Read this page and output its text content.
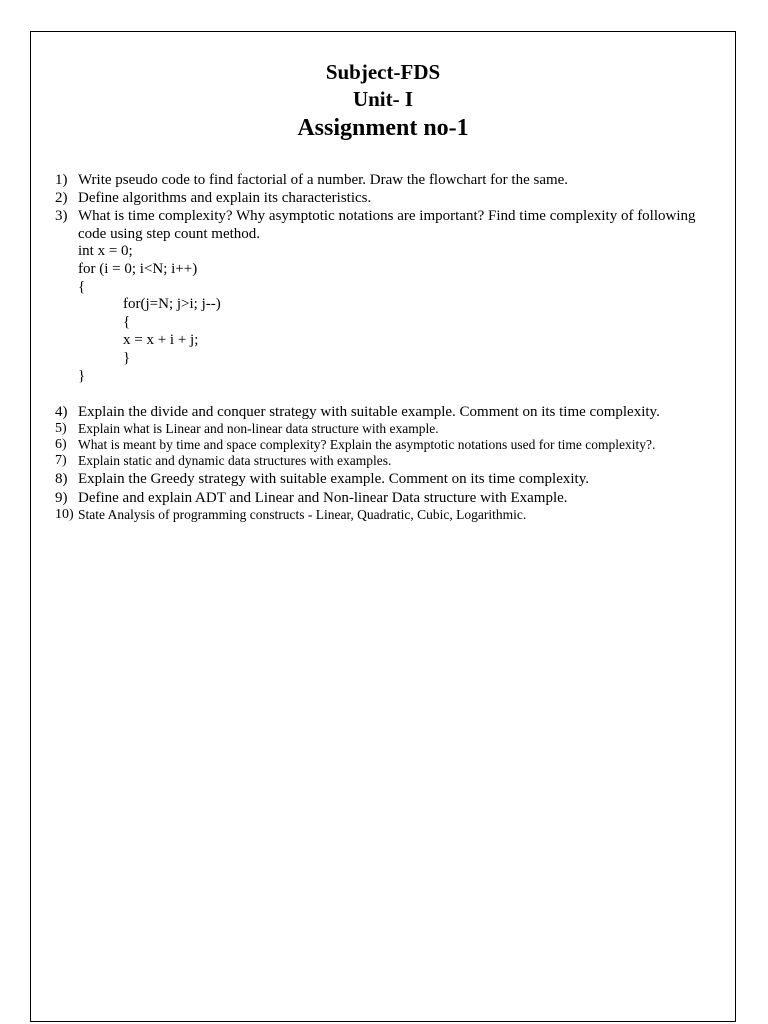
Subject-FDS
Unit- I
Assignment no-1
1) Write pseudo code to find factorial of a number. Draw the flowchart for the same.
2) Define algorithms and explain its characteristics.
3) What is time complexity? Why asymptotic notations are important? Find time complexity of following code using step count method.
int x = 0;
for (i = 0; i<N; i++)
{
for(j=N; j>i; j--)
{
x = x + i + j;
}
}
4) Explain the divide and conquer strategy with suitable example. Comment on its time complexity.
5) Explain what is Linear and non-linear data structure with example.
6) What is meant by time and space complexity? Explain the asymptotic notations used for time complexity?.
7) Explain static and dynamic data structures with examples.
8) Explain the Greedy strategy with suitable example. Comment on its time complexity.
9) Define and explain ADT and Linear and Non-linear Data structure with Example.
10) State Analysis of programming constructs - Linear, Quadratic, Cubic, Logarithmic.
